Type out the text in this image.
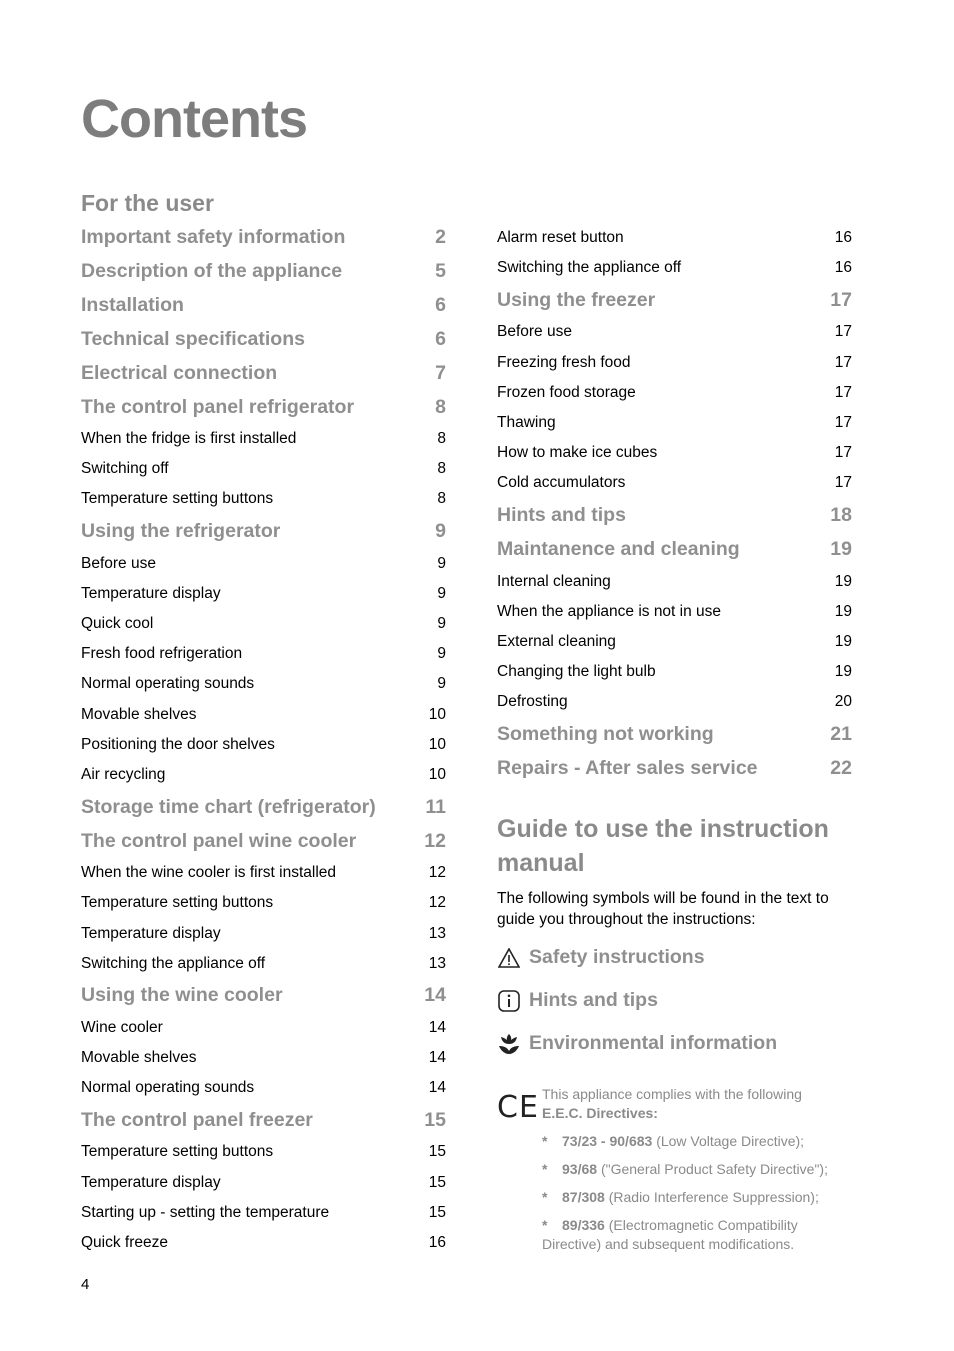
Contents
For the user
Important safety information	2
Description of the appliance	5
Installation	6
Technical specifications	6
Electrical connection	7
The control panel refrigerator	8
When the fridge is first installed	8
Switching off	8
Temperature setting buttons	8
Using the refrigerator	9
Before use	9
Temperature display	9
Quick cool	9
Fresh food refrigeration	9
Normal operating sounds	9
Movable shelves	10
Positioning the door shelves	10
Air recycling	10
Storage time chart (refrigerator)	11
The control panel wine cooler	12
When the wine cooler is first installed	12
Temperature setting buttons	12
Temperature display	13
Switching the appliance off	13
Using the wine cooler	14
Wine cooler	14
Movable shelves	14
Normal operating sounds	14
The control panel freezer	15
Temperature setting buttons	15
Temperature display	15
Starting up - setting the temperature	15
Quick freeze	16
Alarm reset button	16
Switching the appliance off	16
Using the freezer	17
Before use	17
Freezing fresh food	17
Frozen food storage	17
Thawing	17
How to make ice cubes	17
Cold accumulators	17
Hints and tips	18
Maintanence and cleaning	19
Internal cleaning	19
When the appliance is not in use	19
External cleaning	19
Changing the light bulb	19
Defrosting	20
Something not working	21
Repairs - After sales service	22
Guide to use the instruction manual

The following symbols will be found in the text to guide you throughout the instructions:

Safety instructions
Hints and tips
Environmental information
CE This appliance complies with the following
E.E.C. Directives:
* 73/23 - 90/683 (Low Voltage Directive);
* 93/68 ("General Product Safety Directive");
* 87/308 (Radio Interference Suppression);
* 89/336 (Electromagnetic Compatibility Directive) and subsequent modifications.
4
